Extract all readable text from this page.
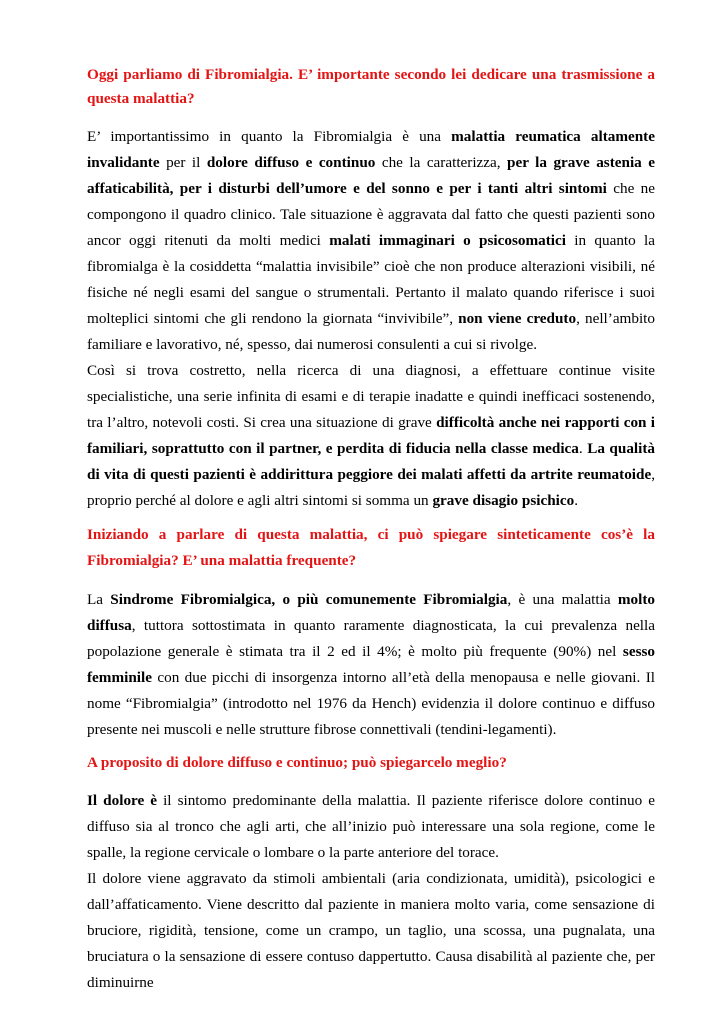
Oggi parliamo di Fibromialgia. E’ importante secondo lei dedicare una trasmissione a questa malattia?

E’ importantissimo in quanto la Fibromialgia è una malattia reumatica altamente invalidante per il dolore diffuso e continuo che la caratterizza, per la grave astenia e affaticabilità, per i disturbi dell’umore e del sonno e per i tanti altri sintomi che ne compongono il quadro clinico. Tale situazione è aggravata dal fatto che questi pazienti sono ancor oggi ritenuti da molti medici malati immaginari o psicosomatici in quanto la fibromialga è la cosiddetta “malattia invisibile” cioè che non produce alterazioni visibili, né fisiche né negli esami del sangue o strumentali. Pertanto il malato quando riferisce i suoi molteplici sintomi che gli rendono la giornata “invivibile”, non viene creduto, nell’ambito familiare e lavorativo, né, spesso, dai numerosi consulenti a cui si rivolge.

Così si trova costretto, nella ricerca di una diagnosi, a effettuare continue visite specialistiche, una serie infinita di esami e di terapie inadatte e quindi inefficaci sostenendo, tra l’altro, notevoli costi. Si crea una situazione di grave difficoltà anche nei rapporti con i familiari, soprattutto con il partner, e perdita di fiducia nella classe medica. La qualità di vita di questi pazienti è addirittura peggiore dei malati affetti da artrite reumatoide, proprio perché al dolore e agli altri sintomi si somma un grave disagio psichico.

Iniziando a parlare di questa malattia, ci può spiegare sinteticamente cos’è la Fibromialgia? E’ una malattia frequente?

La Sindrome Fibromialgica, o più comunemente Fibromialgia, è una malattia molto diffusa, tuttora sottostimata in quanto raramente diagnosticata, la cui prevalenza nella popolazione generale è stimata tra il 2 ed il 4%; è molto più frequente (90%) nel sesso femminile con due picchi di insorgenza intorno all’età della menopausa e nelle giovani. Il nome “Fibromialgia” (introdotto nel 1976 da Hench) evidenzia il dolore continuo e diffuso presente nei muscoli e nelle strutture fibrose connettivali (tendini-legamenti).

A proposito di dolore diffuso e continuo; può spiegarcelo meglio?

Il dolore è il sintomo predominante della malattia. Il paziente riferisce dolore continuo e diffuso sia al tronco che agli arti, che all’inizio può interessare una sola regione, come le spalle, la regione cervicale o lombare o la parte anteriore del torace.

Il dolore viene aggravato da stimoli ambientali (aria condizionata, umidità), psicologici e dall’affaticamento. Viene descritto dal paziente in maniera molto varia, come sensazione di bruciore, rigidità, tensione, come un crampo, un taglio, una scossa, una pugnalata, una bruciatura o la sensazione di essere contuso dappertutto. Causa disabilità al paziente che, per diminuirne
